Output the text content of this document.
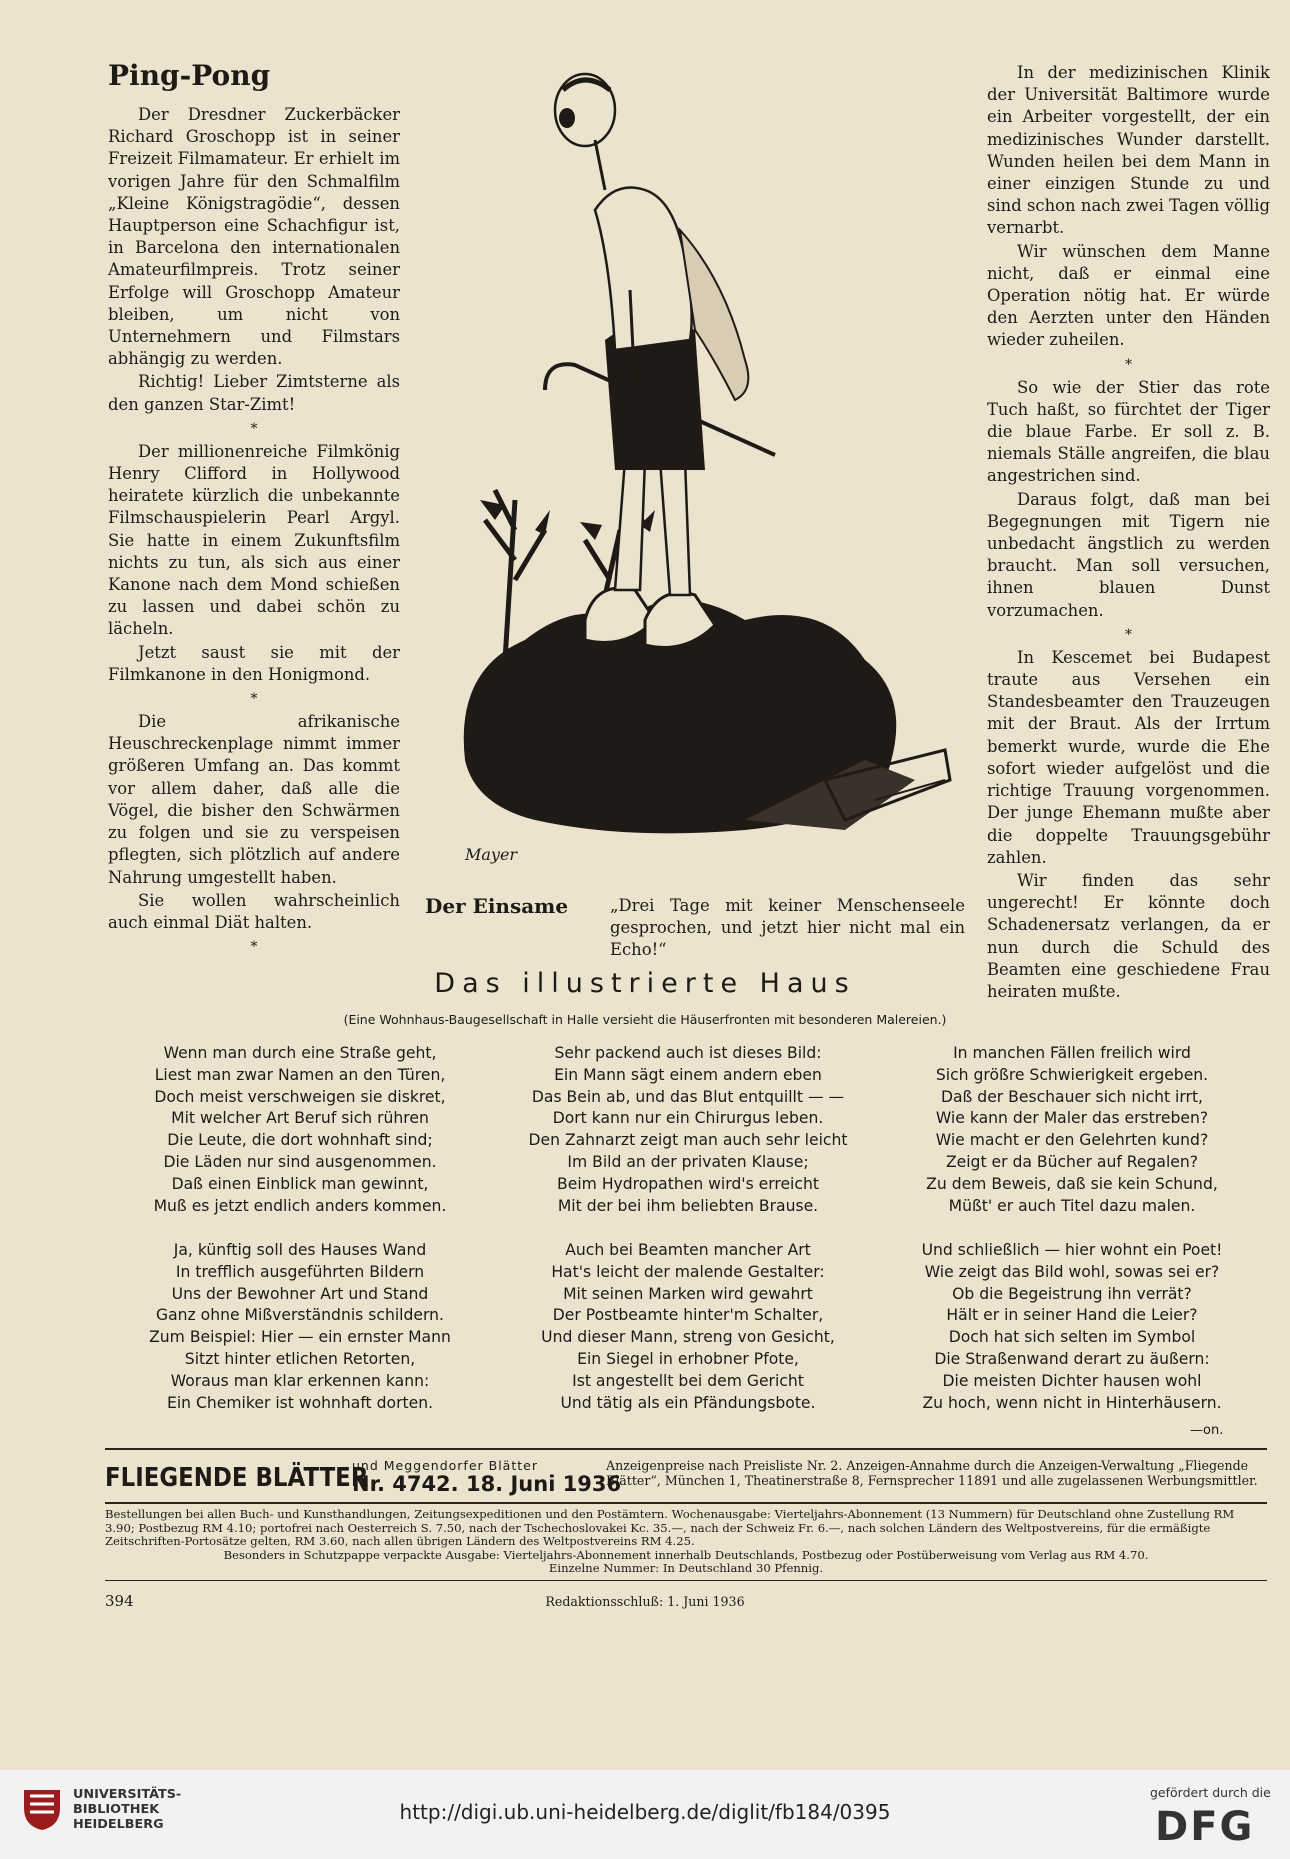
Ping-Pong

Der Dresdner Zuckerbäcker Richard Groschopp ist in seiner Freizeit Filmamateur. Er erhielt im vorigen Jahre für den Schmalfilm „Kleine Königstragödie“, dessen Hauptperson eine Schachfigur ist, in Barcelona den internationalen Amateurfilmpreis. Trotz seiner Erfolge will Groschopp Amateur bleiben, um nicht von Unternehmern und Filmstars abhängig zu werden.

Richtig! Lieber Zimtsterne als den ganzen Star-Zimt!

*

Der millionenreiche Filmkönig Henry Clifford in Hollywood heiratete kürzlich die unbekannte Filmschauspielerin Pearl Argyl. Sie hatte in einem Zukunftsfilm nichts zu tun, als sich aus einer Kanone nach dem Mond schießen zu lassen und dabei schön zu lächeln.

Jetzt saust sie mit der Filmkanone in den Honigmond.

*

Die afrikanische Heuschreckenplage nimmt immer größeren Umfang an. Das kommt vor allem daher, daß alle die Vögel, die bisher den Schwärmen zu folgen und sie zu verspeisen pflegten, sich plötzlich auf andere Nahrung umgestellt haben.

Sie wollen wahrscheinlich auch einmal Diät halten.

*

Mayer
Der Einsame	„Drei Tage mit keiner Menschenseele gesprochen, und jetzt hier nicht mal ein Echo!“

In der medizinischen Klinik der Universität Baltimore wurde ein Arbeiter vorgestellt, der ein medizinisches Wunder darstellt. Wunden heilen bei dem Mann in einer einzigen Stunde zu und sind schon nach zwei Tagen völlig vernarbt.

Wir wünschen dem Manne nicht, daß er einmal eine Operation nötig hat. Er würde den Aerzten unter den Händen wieder zuheilen.

*

So wie der Stier das rote Tuch haßt, so fürchtet der Tiger die blaue Farbe. Er soll z. B. niemals Ställe angreifen, die blau angestrichen sind.

Daraus folgt, daß man bei Begegnungen mit Tigern nie unbedacht ängstlich zu werden braucht. Man soll versuchen, ihnen blauen Dunst vorzumachen.

*

In Kescemet bei Budapest traute aus Versehen ein Standesbeamter den Trauzeugen mit der Braut. Als der Irrtum bemerkt wurde, wurde die Ehe sofort wieder aufgelöst und die richtige Trauung vorgenommen. Der junge Ehemann mußte aber die doppelte Trauungsgebühr zahlen.

Wir finden das sehr ungerecht! Er könnte doch Schadenersatz verlangen, da er nun durch die Schuld des Beamten eine geschiedene Frau heiraten mußte.

Das illustrierte Haus
(Eine Wohnhaus-Baugesellschaft in Halle versieht die Häuserfronten mit besonderen Malereien.)
Wenn man durch eine Straße geht,
Liest man zwar Namen an den Türen,
Doch meist verschweigen sie diskret,
Mit welcher Art Beruf sich rühren
Die Leute, die dort wohnhaft sind;
Die Läden nur sind ausgenommen.
Daß einen Einblick man gewinnt,
Muß es jetzt endlich anders kommen.
Sehr packend auch ist dieses Bild:
Ein Mann sägt einem andern eben
Das Bein ab, und das Blut entquillt — —
Dort kann nur ein Chirurgus leben.
Den Zahnarzt zeigt man auch sehr leicht
Im Bild an der privaten Klause;
Beim Hydropathen wird's erreicht
Mit der bei ihm beliebten Brause.
In manchen Fällen freilich wird
Sich größre Schwierigkeit ergeben.
Daß der Beschauer sich nicht irrt,
Wie kann der Maler das erstreben?
Wie macht er den Gelehrten kund?
Zeigt er da Bücher auf Regalen?
Zu dem Beweis, daß sie kein Schund,
Müßt' er auch Titel dazu malen.
Ja, künftig soll des Hauses Wand
In trefflich ausgeführten Bildern
Uns der Bewohner Art und Stand
Ganz ohne Mißverständnis schildern.
Zum Beispiel: Hier — ein ernster Mann
Sitzt hinter etlichen Retorten,
Woraus man klar erkennen kann:
Ein Chemiker ist wohnhaft dorten.
Auch bei Beamten mancher Art
Hat's leicht der malende Gestalter:
Mit seinen Marken wird gewahrt
Der Postbeamte hinter'm Schalter,
Und dieser Mann, streng von Gesicht,
Ein Siegel in erhobner Pfote,
Ist angestellt bei dem Gericht
Und tätig als ein Pfändungsbote.
Und schließlich — hier wohnt ein Poet!
Wie zeigt das Bild wohl, sowas sei er?
Ob die Begeistrung ihn verrät?
Hält er in seiner Hand die Leier?
Doch hat sich selten im Symbol
Die Straßenwand derart zu äußern:
Die meisten Dichter hausen wohl
Zu hoch, wenn nicht in Hinterhäusern.
—on.
FLIEGENDE BLÄTTER
und Meggendorfer Blätter
Nr. 4742. 18. Juni 1936
Anzeigenpreise nach Preisliste Nr. 2. Anzeigen-Annahme durch die Anzeigen-Verwaltung „Fliegende Blätter“, München 1, Theatinerstraße 8, Fernsprecher 11891 und alle zugelassenen Werbungsmittler.
Bestellungen bei allen Buch- und Kunsthandlungen, Zeitungsexpeditionen und den Postämtern. Wochenausgabe: Vierteljahrs-Abonnement (13 Nummern) für Deutschland ohne Zustellung RM 3.90; Postbezug RM 4.10; portofrei nach Oesterreich S. 7.50, nach der Tschechoslovakei Kc. 35.—, nach der Schweiz Fr. 6.—, nach solchen Ländern des Weltpostvereins, für die ermäßigte Zeitschriften-Portosätze gelten, RM 3.60, nach allen übrigen Ländern des Weltpostvereins RM 4.25.
Besonders in Schutzpappe verpackte Ausgabe: Vierteljahrs-Abonnement innerhalb Deutschlands, Postbezug oder Postüberweisung vom Verlag aus RM 4.70.
Einzelne Nummer: In Deutschland 30 Pfennig.
394	Redaktionsschluß: 1. Juni 1936
UNIVERSITÄTS-
BIBLIOTHEK
HEIDELBERG
http://digi.ub.uni-heidelberg.de/diglit/fb184/0395
gefördert durch die
DFG
